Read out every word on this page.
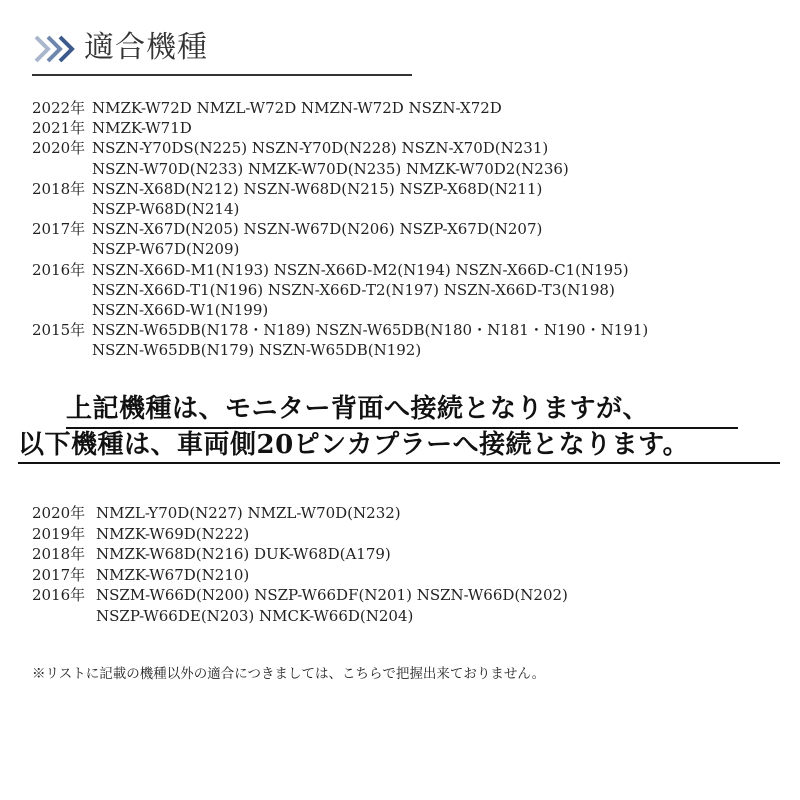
適合機種
2022年 NMZK-W72D NMZL-W72D NMZN-W72D NSZN-X72D
2021年 NMZK-W71D
2020年 NSZN-Y70DS(N225) NSZN-Y70D(N228) NSZN-X70D(N231)
NSZN-W70D(N233) NMZK-W70D(N235) NMZK-W70D2(N236)
2018年 NSZN-X68D(N212) NSZN-W68D(N215) NSZP-X68D(N211)
NSZP-W68D(N214)
2017年 NSZN-X67D(N205) NSZN-W67D(N206) NSZP-X67D(N207)
NSZP-W67D(N209)
2016年 NSZN-X66D-M1(N193) NSZN-X66D-M2(N194) NSZN-X66D-C1(N195)
NSZN-X66D-T1(N196) NSZN-X66D-T2(N197) NSZN-X66D-T3(N198)
NSZN-X66D-W1(N199)
2015年 NSZN-W65DB(N178・N189) NSZN-W65DB(N180・N181・N190・N191)
NSZN-W65DB(N179) NSZN-W65DB(N192)
上記機種は、モニター背面へ接続となりますが、
以下機種は、車両側20ピンカプラーへ接続となります。
2020年 NMZL-Y70D(N227) NMZL-W70D(N232)
2019年 NMZK-W69D(N222)
2018年 NMZK-W68D(N216) DUK-W68D(A179)
2017年 NMZK-W67D(N210)
2016年 NSZM-W66D(N200) NSZP-W66DF(N201) NSZN-W66D(N202)
NSZP-W66DE(N203) NMCK-W66D(N204)
※リストに記載の機種以外の適合につきましては、こちらで把握出来ておりません。
